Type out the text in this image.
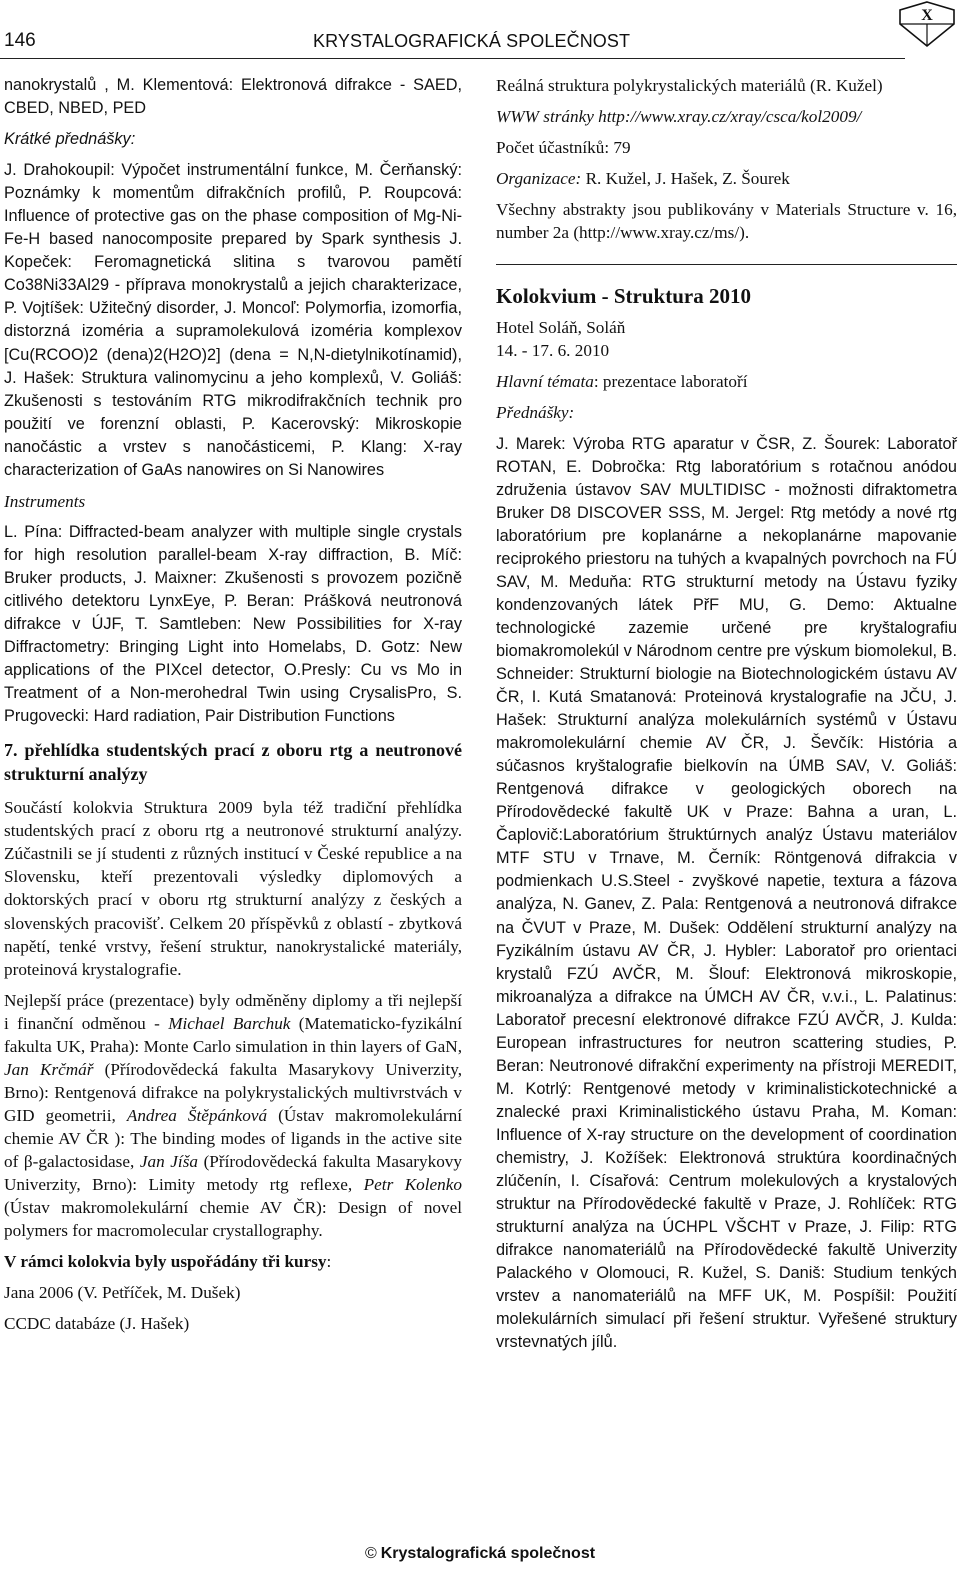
146	KRYSTALOGRAFICKÁ SPOLEČNOST
X

nanokrystalů , M. Klementová: Elektronová difrakce - SAED, CBED, NBED, PED

Krátké přednášky:

J. Drahokoupil: Výpočet instrumentální funkce, M. Čerňanský: Poznámky k momentům difrakčních profilů, P. Roupcová: Influence of protective gas on the phase composition of Mg-Ni-Fe-H based nanocomposite prepared by Spark synthesis J. Kopeček: Feromagnetická slitina s tvarovou pamětí Co38Ni33Al29 - příprava monokrystalů a jejich charakterizace, P. Vojtíšek: Užitečný disorder, J. Moncoľ: Polymorfia, izomorfia, distorzná izoméria a supramolekulová izoméria komplexov [Cu(RCOO)2 (dena)2(H2O)2] (dena = N,N-dietylnikotínamid), J. Hašek: Struktura valinomycinu a jeho komplexů, V. Goliáš: Zkušenosti s testováním RTG mikrodifrakčních technik pro použití ve forenzní oblasti, P. Kacerovský: Mikroskopie nanočástic a vrstev s nanočásticemi, P. Klang: X-ray characterization of GaAs nanowires on Si Nanowires

Instruments

L. Pína: Diffracted-beam analyzer with multiple single crystals for high resolution parallel-beam X-ray diffraction, B. Míč: Bruker products, J. Maixner: Zkušenosti s provozem pozičně citlivého detektoru LynxEye, P. Beran: Prášková neutronová difrakce v ÚJF, T. Samtleben: New Possibilities for X-ray Diffractometry: Bringing Light into Homelabs, D. Gotz: New applications of the PIXcel detector, O.Presly: Cu vs Mo in Treatment of a Non-merohedral Twin using CrysalisPro, S. Prugovecki: Hard radiation, Pair Distribution Functions

7. přehlídka studentských prací z oboru rtg a neutronové strukturní analýzy

Součástí kolokvia Struktura 2009 byla též tradiční přehlídka studentských prací z oboru rtg a neutronové strukturní analýzy. Zúčastnili se jí studenti z různých institucí v České republice a na Slovensku, kteří prezentovali výsledky diplomových a doktorských prací v oboru rtg strukturní analýzy z českých a slovenských pracovišť. Celkem 20 příspěvků z oblastí - zbytková napětí, tenké vrstvy, řešení struktur, nanokrystalické materiály, proteinová krystalografie.

Nejlepší práce (prezentace) byly odměněny diplomy a tři nejlepší i finanční odměnou - Michael Barchuk (Matematicko-fyzikální fakulta UK, Praha): Monte Carlo simulation in thin layers of GaN, Jan Krčmář (Přírodovědecká fakulta Masarykovy Univerzity, Brno): Rentgenová difrakce na polykrystalických multivrstvách v GID geometrii, Andrea Štěpánková (Ústav makromolekulární chemie AV ČR ): The binding modes of ligands in the active site of β-galactosidase, Jan Jíša (Přírodovědecká fakulta Masarykovy Univerzity, Brno): Limity metody rtg reflexe, Petr Kolenko (Ústav makromolekulární chemie AV ČR): Design of novel polymers for macromolecular crystallography.

V rámci kolokvia byly uspořádány tři kursy:

Jana 2006 (V. Petříček, M. Dušek)

CCDC databáze (J. Hašek)

Reálná struktura polykrystalických materiálů (R. Kužel)

WWW stránky http://www.xray.cz/xray/csca/kol2009/

Počet účastníků: 79

Organizace: R. Kužel, J. Hašek, Z. Šourek

Všechny abstrakty jsou publikovány v Materials Structure v. 16, number 2a (http://www.xray.cz/ms/).

Kolokvium - Struktura 2010

Hotel Soláň, Soláň

14. - 17. 6. 2010

Hlavní témata: prezentace laboratoří

Přednášky:

J. Marek: Výroba RTG aparatur v ČSR, Z. Šourek: Laboratoř ROTAN, E. Dobročka: Rtg laboratórium s rotačnou anódou združenia ústavov SAV MULTIDISC - možnosti difraktometra Bruker D8 DISCOVER SSS, M. Jergel: Rtg metódy a nové rtg laboratórium pre koplanárne a nekoplanárne mapovanie reciprokého priestoru na tuhých a kvapalných povrchoch na FÚ SAV, M. Meduňa: RTG strukturní metody na Ústavu fyziky kondenzovaných látek PřF MU, G. Demo: Aktualne technologické zazemie určené pre kryštalografiu biomakromolekúl v Národnom centre pre výskum biomolekul, B. Schneider: Strukturní biologie na Biotechnologickém ústavu AV ČR, I. Kutá Smatanová: Proteinová krystalografie na JČU, J. Hašek: Strukturní analýza molekulárních systémů v Ústavu makromolekulární chemie AV ČR, J. Ševčík: História a súčasnos kryštalografie bielkovín na ÚMB SAV, V. Goliáš: Rentgenová difrakce v geologických oborech na Přírodovědecké fakultě UK v Praze: Bahna a uran, L. Čaplovič:Laboratórium štruktúrnych analýz Ústavu materiálov MTF STU v Trnave, M. Černík: Röntgenová difrakcia v podmienkach U.S.Steel - zvyškové napetie, textura a fázova analýza, N. Ganev, Z. Pala: Rentgenová a neutronová difrakce na ČVUT v Praze, M. Dušek: Oddělení strukturní analýzy na Fyzikálním ústavu AV ČR, J. Hybler: Laboratoř pro orientaci krystalů FZÚ AVČR, M. Šlouf: Elektronová mikroskopie, mikroanalýza a difrakce na ÚMCH AV ČR, v.v.i., L. Palatinus: Laboratoř precesní elektronové difrakce FZÚ AVČR, J. Kulda: European infrastructures for neutron scattering studies, P. Beran: Neutronové difrakční experimenty na přístroji MEREDIT, M. Kotrlý: Rentgenové metody v kriminalistickotechnické a znalecké praxi Kriminalistického ústavu Praha, M. Koman: Influence of X-ray structure on the development of coordination chemistry, J. Kožíšek: Elektronová struktúra koordinačných zlúčenín, I. Císařová: Centrum molekulových a krystalových struktur na Přírodovědecké fakultě v Praze, J. Rohlíček: RTG strukturní analýza na ÚCHPL VŠCHT v Praze, J. Filip: RTG difrakce nanomateriálů na Přírodovědecké fakultě Univerzity Palackého v Olomouci, R. Kužel, S. Daniš: Studium tenkých vrstev a nanomateriálů na MFF UK, M. Pospíšil: Použití molekulárních simulací při řešení struktur. Vyřešené struktury vrstevnatých jílů.

© Krystalografická společnost
